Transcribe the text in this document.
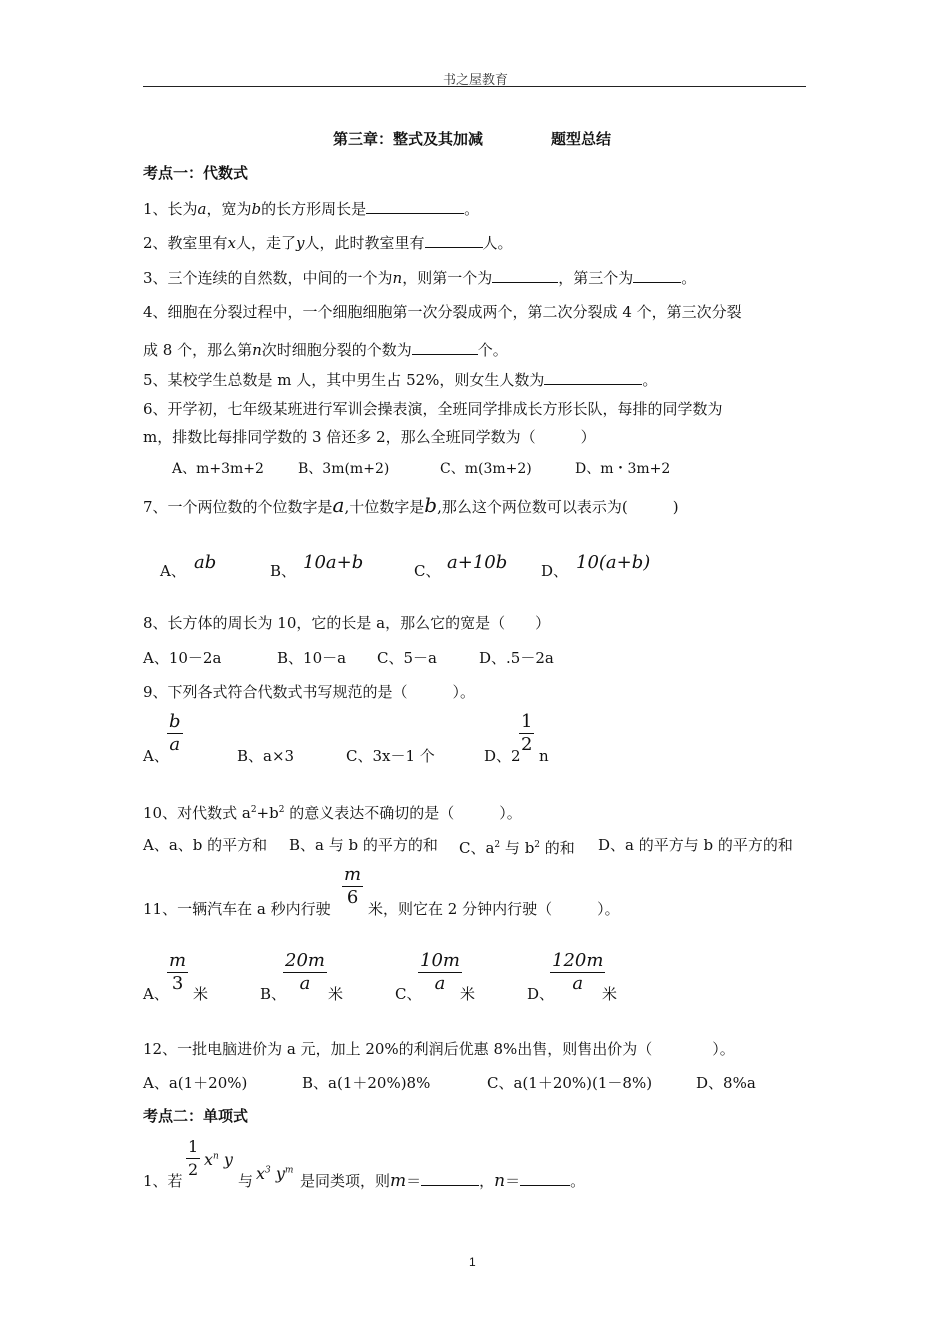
书之屋教育
第三章：整式及其加减	题型总结
考点一：代数式
1、长为a，宽为b的长方形周长是	。
2、教室里有x人，走了y人，此时教室里有	人。
3、三个连续的自然数，中间的一个为n，则第一个为	，第三个为	。
4、细胞在分裂过程中，一个细胞细胞第一次分裂成两个，第二次分裂成 4 个，第三次分裂
成 8 个，那么第n次时细胞分裂的个数为	个。
5、某校学生总数是 m 人，其中男生占 52%，则女生人数为	。
6、开学初，七年级某班进行军训会操表演，全班同学排成长方形长队，每排的同学数为
m，排数比每排同学数的 3 倍还多 2，那么全班同学数为（　　　）
A、m+3m+2 B、3m(m+2)	C、m(3m+2)	D、m・3m+2
7、一个两位数的个位数字是a,十位数字是b,那么这个两位数可以表示为(　　　)
A、 ab	B、 10a+b	C、 a+10b D、 10(a+b)
8、长方体的周长为 10，它的长是 a，那么它的宽是（　　）
A、10－2a	B、10－a C、5－a	D、.5－2a
9、下列各式符合代数式书写规范的是（　　　）。
A、
$\frac{b}{a}$	B、a×3	C、3x－1 个	D、2
$\frac{1}{2}$ n
10、对代数式 $a^2+b^2$ 的意义表达不确切的是（　　　）。
A、a、b 的平方和 B、a 与 b 的平方的和 C、$a^2$ 与 $b^2$ 的和 D、a 的平方与 b 的平方的和
11、一辆汽车在 a 秒内行驶 $\frac{m}{6}$ 米，则它在 2 分钟内行驶（　　　）。
A、
$\frac{m}{3}$ 米	B、
$\frac{20m}{a}$ 米	C、
$\frac{10m}{a}$
米	D、
$\frac{120m}{a}$
米
12、一批电脑进价为 a 元，加上 20%的利润后优惠 8%出售，则售出价为（　　　　）。
A、a(1＋20%)	B、a(1＋20%)8%	C、a(1＋20%)(1－8%)	D、8%a
考点二：单项式
1、若 $\frac{1}{2} x^n$ y
与 $x^3$ $y^m$
是同类项，则m＝	，n＝	。
1
